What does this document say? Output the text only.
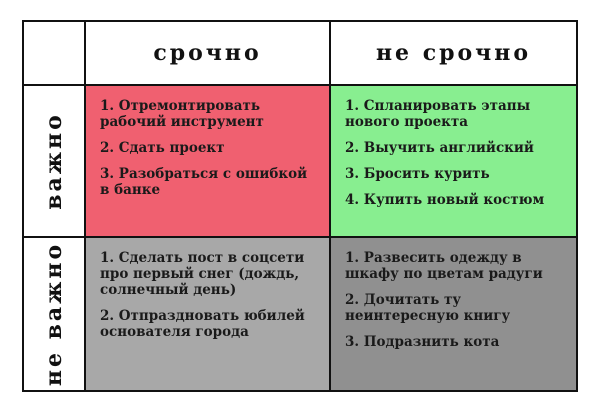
срочно	не срочно
важно
1. Отремонтировать рабочий инструмент
2. Сдать проект
3. Разобраться с ошибкой в банке
1. Спланировать этапы нового проекта
2. Выучить английский
3. Бросить курить
4. Купить новый костюм
не важно 1. Сделать пост в соцсети про первый снег (дождь, солнечный день)
2. Отпраздновать юбилей основателя города
1. Развесить одежду в шкафу по цветам радуги
2. Дочитать ту неинтересную книгу
3. Подразнить кота
